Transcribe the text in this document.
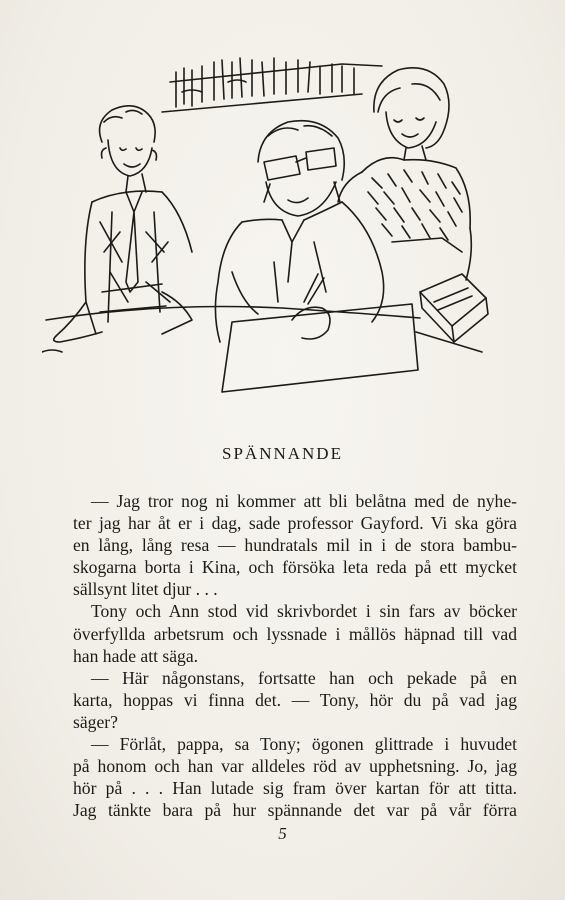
SPÄNNANDE
— Jag tror nog ni kommer att bli belåtna med de nyhe-
ter jag har åt er i dag, sade professor Gayford. Vi ska göra
en lång, lång resa — hundratals mil in i de stora bambu-
skogarna borta i Kina, och försöka leta reda på ett mycket
sällsynt litet djur . . .
Tony och Ann stod vid skrivbordet i sin fars av böcker
överfyllda arbetsrum och lyssnade i mållös häpnad till vad
han hade att säga.
— Här någonstans, fortsatte han och pekade på en
karta, hoppas vi finna det. — Tony, hör du på vad jag
säger?
— Förlåt, pappa, sa Tony; ögonen glittrade i huvudet
på honom och han var alldeles röd av upphetsning. Jo, jag
hör på . . . Han lutade sig fram över kartan för att titta.
Jag tänkte bara på hur spännande det var på vår förra
5
